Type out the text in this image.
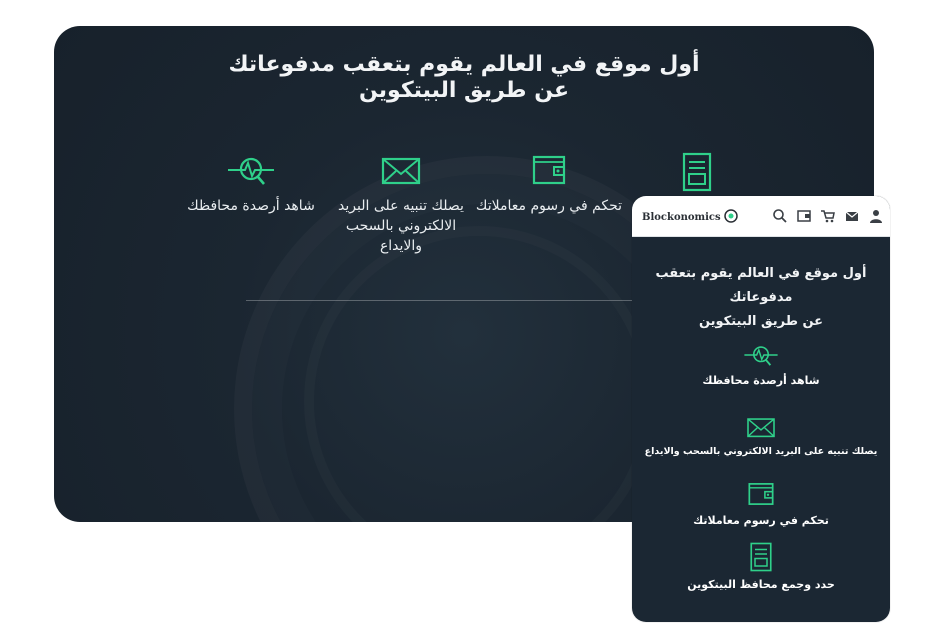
أول موقع في العالم يقوم بتعقب مدفوعاتك
عن طريق البيتكوين
شاهد أرصدة محافظك	يصلك تنبيه على البريد الالكتروني بالسحب والايداع
تحكم في رسوم معاملاتك
Blockonomics
أول موقع في العالم يقوم بتعقب مدفوعاتك
عن طريق البيتكوين
شاهد أرصدة محافظك
يصلك تنبيه على البريد الالكتروني بالسحب والايداع
تحكم في رسوم معاملاتك
حدد وجمع محافظ البيتكوين
